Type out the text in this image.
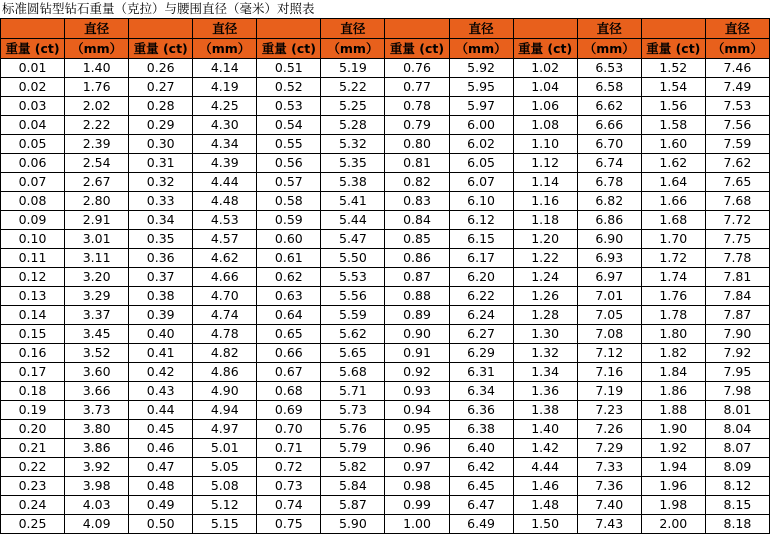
标准圆钻型钻石重量（克拉）与腰围直径（毫米）对照表
	直径		直径		直径		直径		直径		直径
重量 (ct)	（mm）	重量 (ct)	（mm）	重量 (ct)	（mm）	重量 (ct)	（mm）	重量 (ct)	（mm）	重量 (ct)	（mm）
0.01	1.40	0.26	4.14	0.51	5.19	0.76	5.92	1.02	6.53	1.52	7.46
0.02	1.76	0.27	4.19	0.52	5.22	0.77	5.95	1.04	6.58	1.54	7.49
0.03	2.02	0.28	4.25	0.53	5.25	0.78	5.97	1.06	6.62	1.56	7.53
0.04	2.22	0.29	4.30	0.54	5.28	0.79	6.00	1.08	6.66	1.58	7.56
0.05	2.39	0.30	4.34	0.55	5.32	0.80	6.02	1.10	6.70	1.60	7.59
0.06	2.54	0.31	4.39	0.56	5.35	0.81	6.05	1.12	6.74	1.62	7.62
0.07	2.67	0.32	4.44	0.57	5.38	0.82	6.07	1.14	6.78	1.64	7.65
0.08	2.80	0.33	4.48	0.58	5.41	0.83	6.10	1.16	6.82	1.66	7.68
0.09	2.91	0.34	4.53	0.59	5.44	0.84	6.12	1.18	6.86	1.68	7.72
0.10	3.01	0.35	4.57	0.60	5.47	0.85	6.15	1.20	6.90	1.70	7.75
0.11	3.11	0.36	4.62	0.61	5.50	0.86	6.17	1.22	6.93	1.72	7.78
0.12	3.20	0.37	4.66	0.62	5.53	0.87	6.20	1.24	6.97	1.74	7.81
0.13	3.29	0.38	4.70	0.63	5.56	0.88	6.22	1.26	7.01	1.76	7.84
0.14	3.37	0.39	4.74	0.64	5.59	0.89	6.24	1.28	7.05	1.78	7.87
0.15	3.45	0.40	4.78	0.65	5.62	0.90	6.27	1.30	7.08	1.80	7.90
0.16	3.52	0.41	4.82	0.66	5.65	0.91	6.29	1.32	7.12	1.82	7.92
0.17	3.60	0.42	4.86	0.67	5.68	0.92	6.31	1.34	7.16	1.84	7.95
0.18	3.66	0.43	4.90	0.68	5.71	0.93	6.34	1.36	7.19	1.86	7.98
0.19	3.73	0.44	4.94	0.69	5.73	0.94	6.36	1.38	7.23	1.88	8.01
0.20	3.80	0.45	4.97	0.70	5.76	0.95	6.38	1.40	7.26	1.90	8.04
0.21	3.86	0.46	5.01	0.71	5.79	0.96	6.40	1.42	7.29	1.92	8.07
0.22	3.92	0.47	5.05	0.72	5.82	0.97	6.42	4.44	7.33	1.94	8.09
0.23	3.98	0.48	5.08	0.73	5.84	0.98	6.45	1.46	7.36	1.96	8.12
0.24	4.03	0.49	5.12	0.74	5.87	0.99	6.47	1.48	7.40	1.98	8.15
0.25	4.09	0.50	5.15	0.75	5.90	1.00	6.49	1.50	7.43	2.00	8.18
